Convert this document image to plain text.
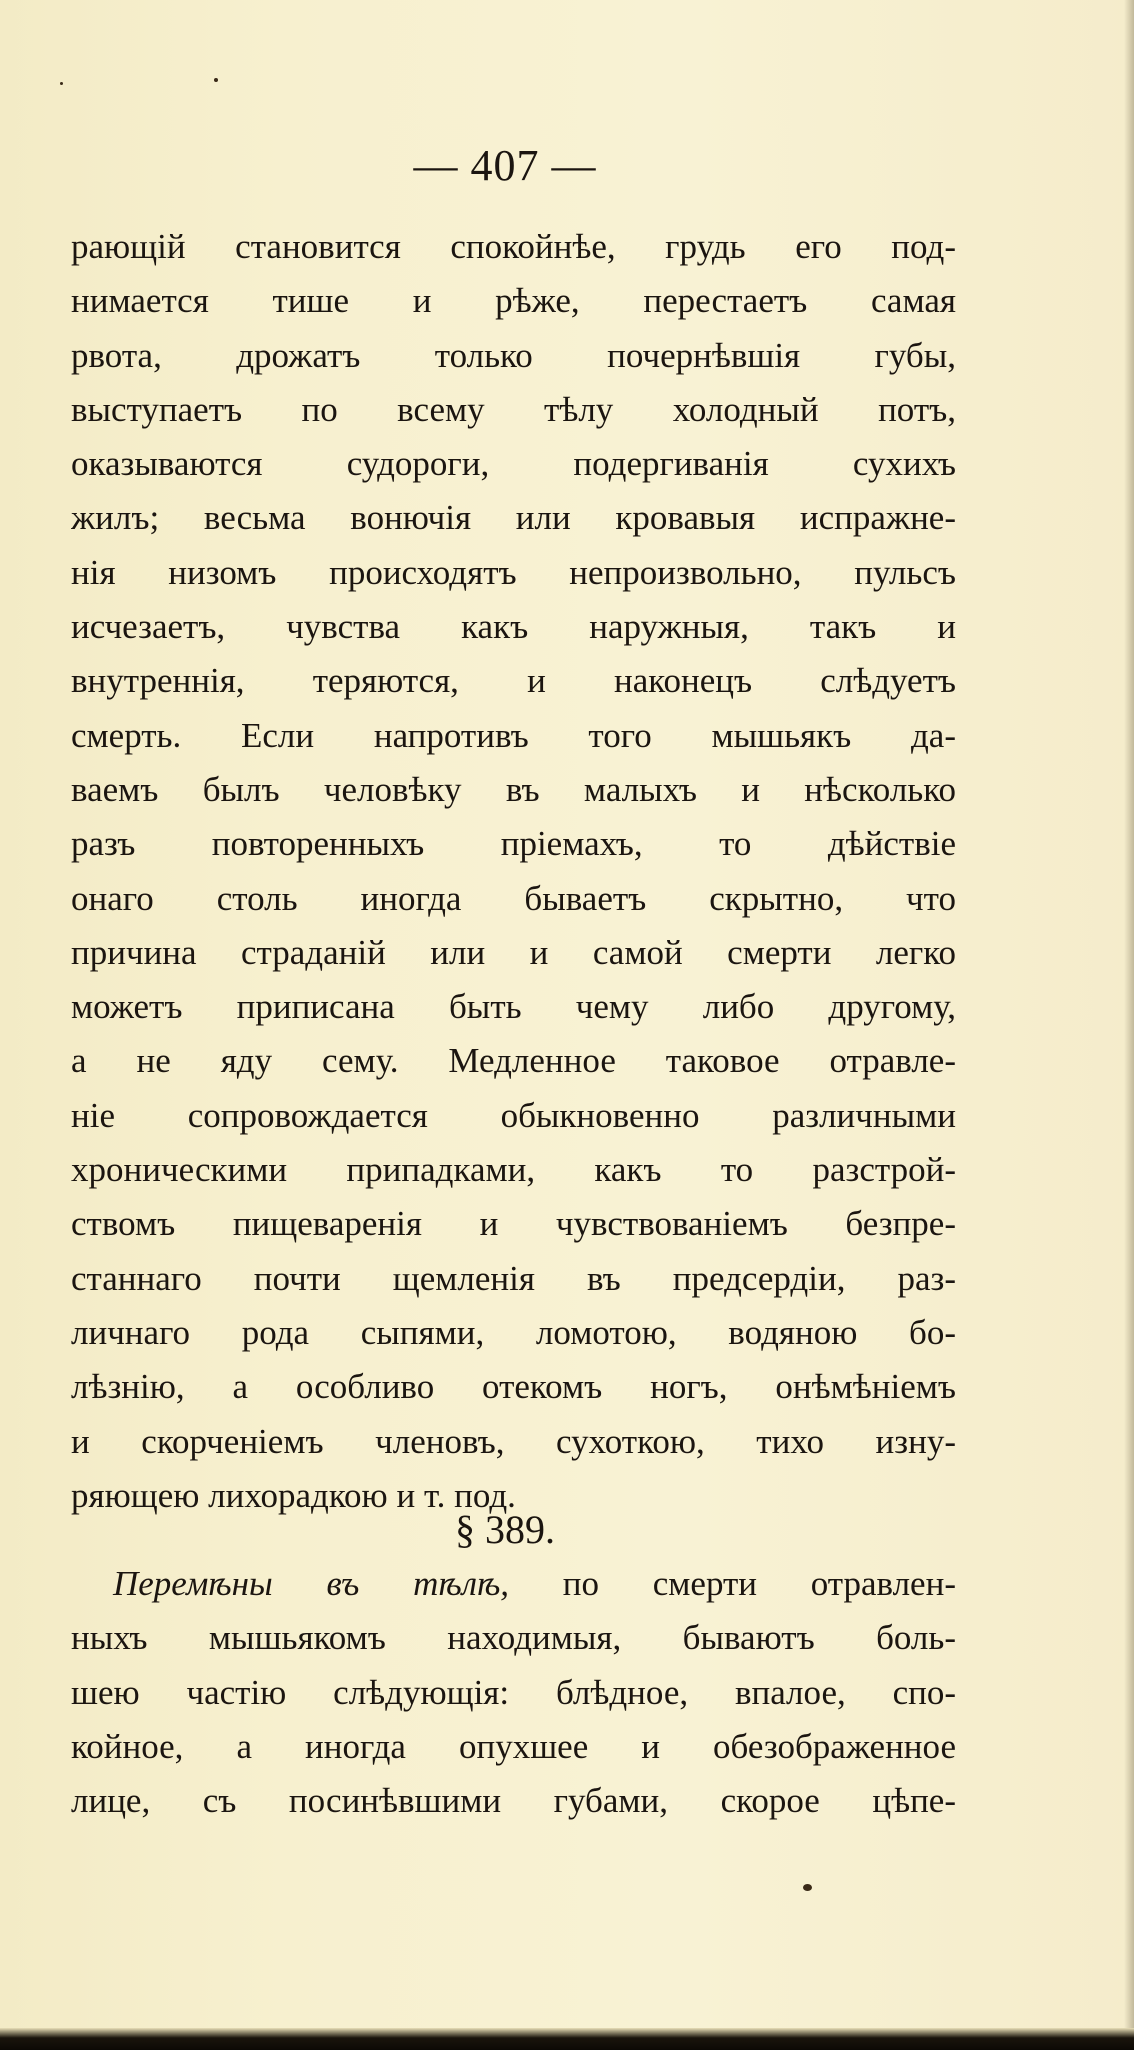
— 407 —
рающій становится спокойнѣе, грудь его под-
нимается тише и рѣже, перестаетъ самая
рвота, дрожатъ только почернѣвшія губы,
выступаетъ по всему тѣлу холодный потъ,
оказываются судороги, подергиванія сухихъ
жилъ; весьма вонючія или кровавыя испражне-
нія низомъ происходятъ непроизвольно, пульсъ
исчезаетъ, чувства какъ наружныя, такъ и
внутреннія, теряются, и наконецъ слѣдуетъ
смерть. Если напротивъ того мышьякъ да-
ваемъ былъ человѣку въ малыхъ и нѣсколько
разъ повторенныхъ пріемахъ, то дѣйствіе
онаго столь иногда бываетъ скрытно, что
причина страданій или и самой смерти легко
можетъ приписана быть чему либо другому,
а не яду сему. Медленное таковое отравле-
ніе сопровождается обыкновенно различными
хроническими припадками, какъ то разстрой-
ствомъ пищеваренія и чувствованіемъ безпре-
станнаго почти щемленія въ предсердіи, раз-
личнаго рода сыпями, ломотою, водяною бо-
лѣзнію, а особливо отекомъ ногъ, онѣмѣніемъ
и скорченіемъ членовъ, сухоткою, тихо изну-
ряющею лихорадкою и т. под.
§ 389.
Перемѣны въ тѣлѣ, по смерти отравлен-
ныхъ мышьякомъ находимыя, бываютъ боль-
шею частію слѣдующія: блѣдное, впалое, спо-
койное, а иногда опухшее и обезображенное
лице, съ посинѣвшими губами, скорое цѣпе-
